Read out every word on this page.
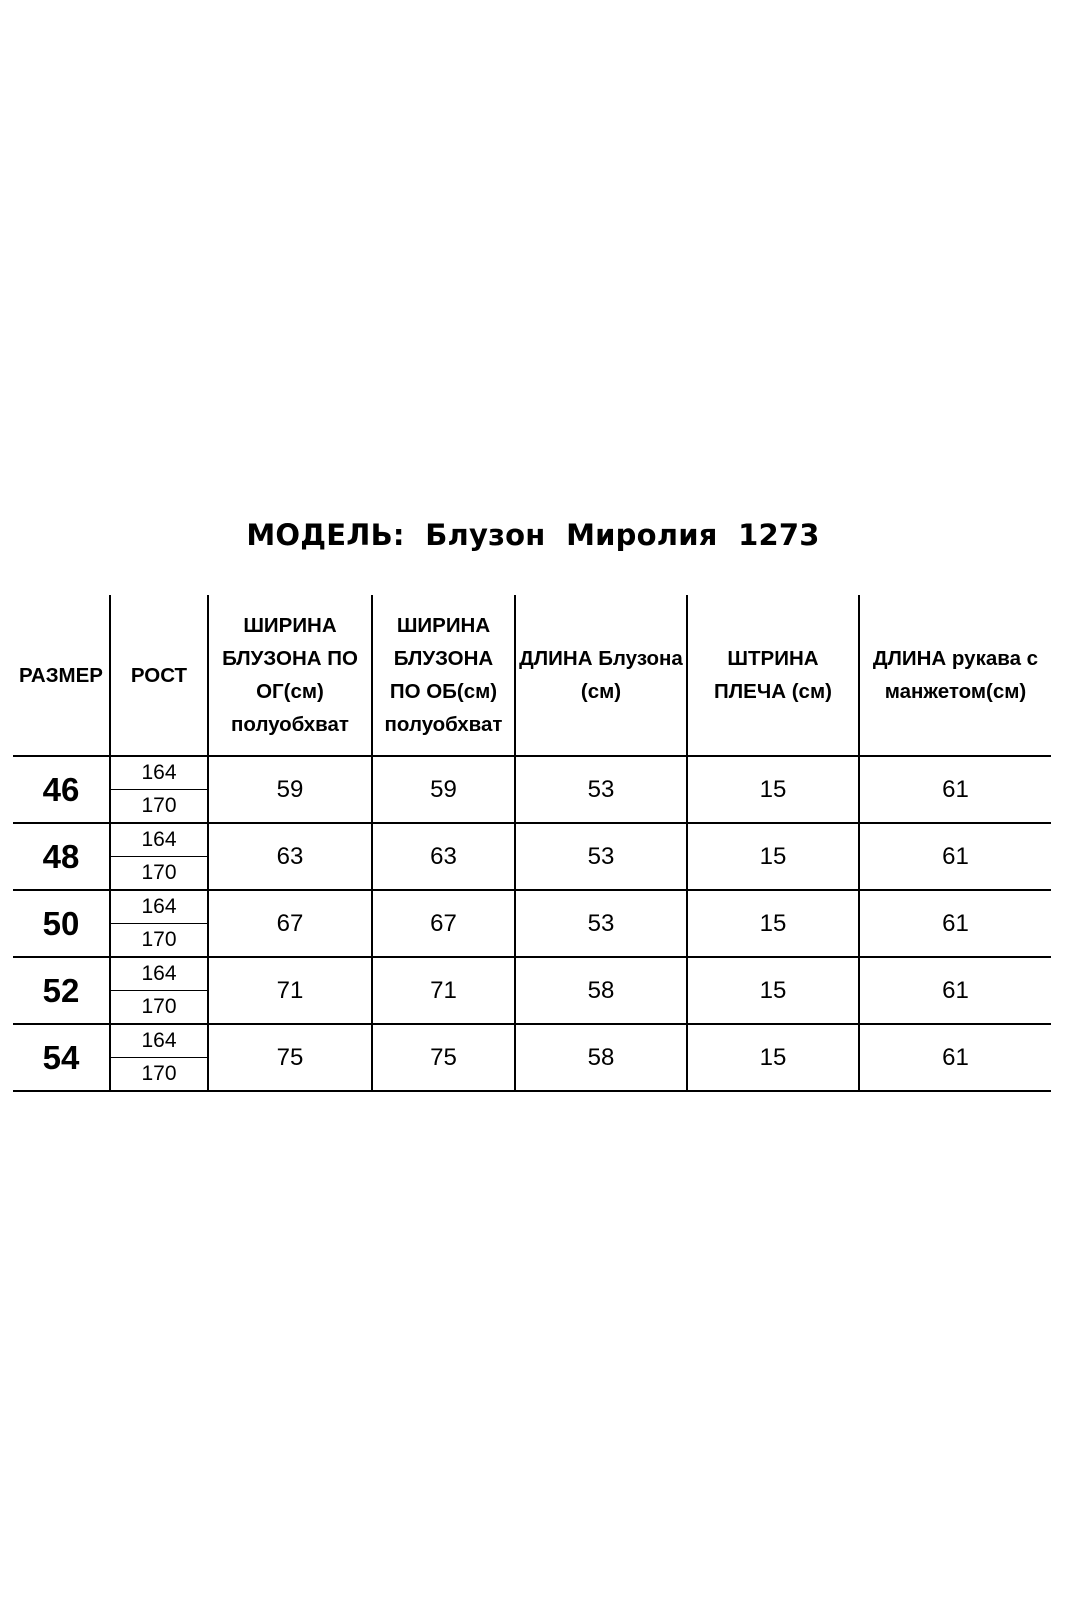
МОДЕЛЬ:  Блузон  Миролия  1273
РАЗМЕР	РОСТ	ШИРИНА БЛУЗОНА ПО ОГ(см) полуобхват	ШИРИНА БЛУЗОНА ПО ОБ(см) полуобхват	ДЛИНА Блузона (см)	ШТРИНА ПЛЕЧА (см)	ДЛИНА рукава с манжетом(см)
46	164	59	59	53	15	61
	170					
48	164	63	63	53	15	61
	170					
50	164	67	67	53	15	61
	170					
52	164	71	71	58	15	61
	170					
54	164	75	75	58	15	61
	170					
